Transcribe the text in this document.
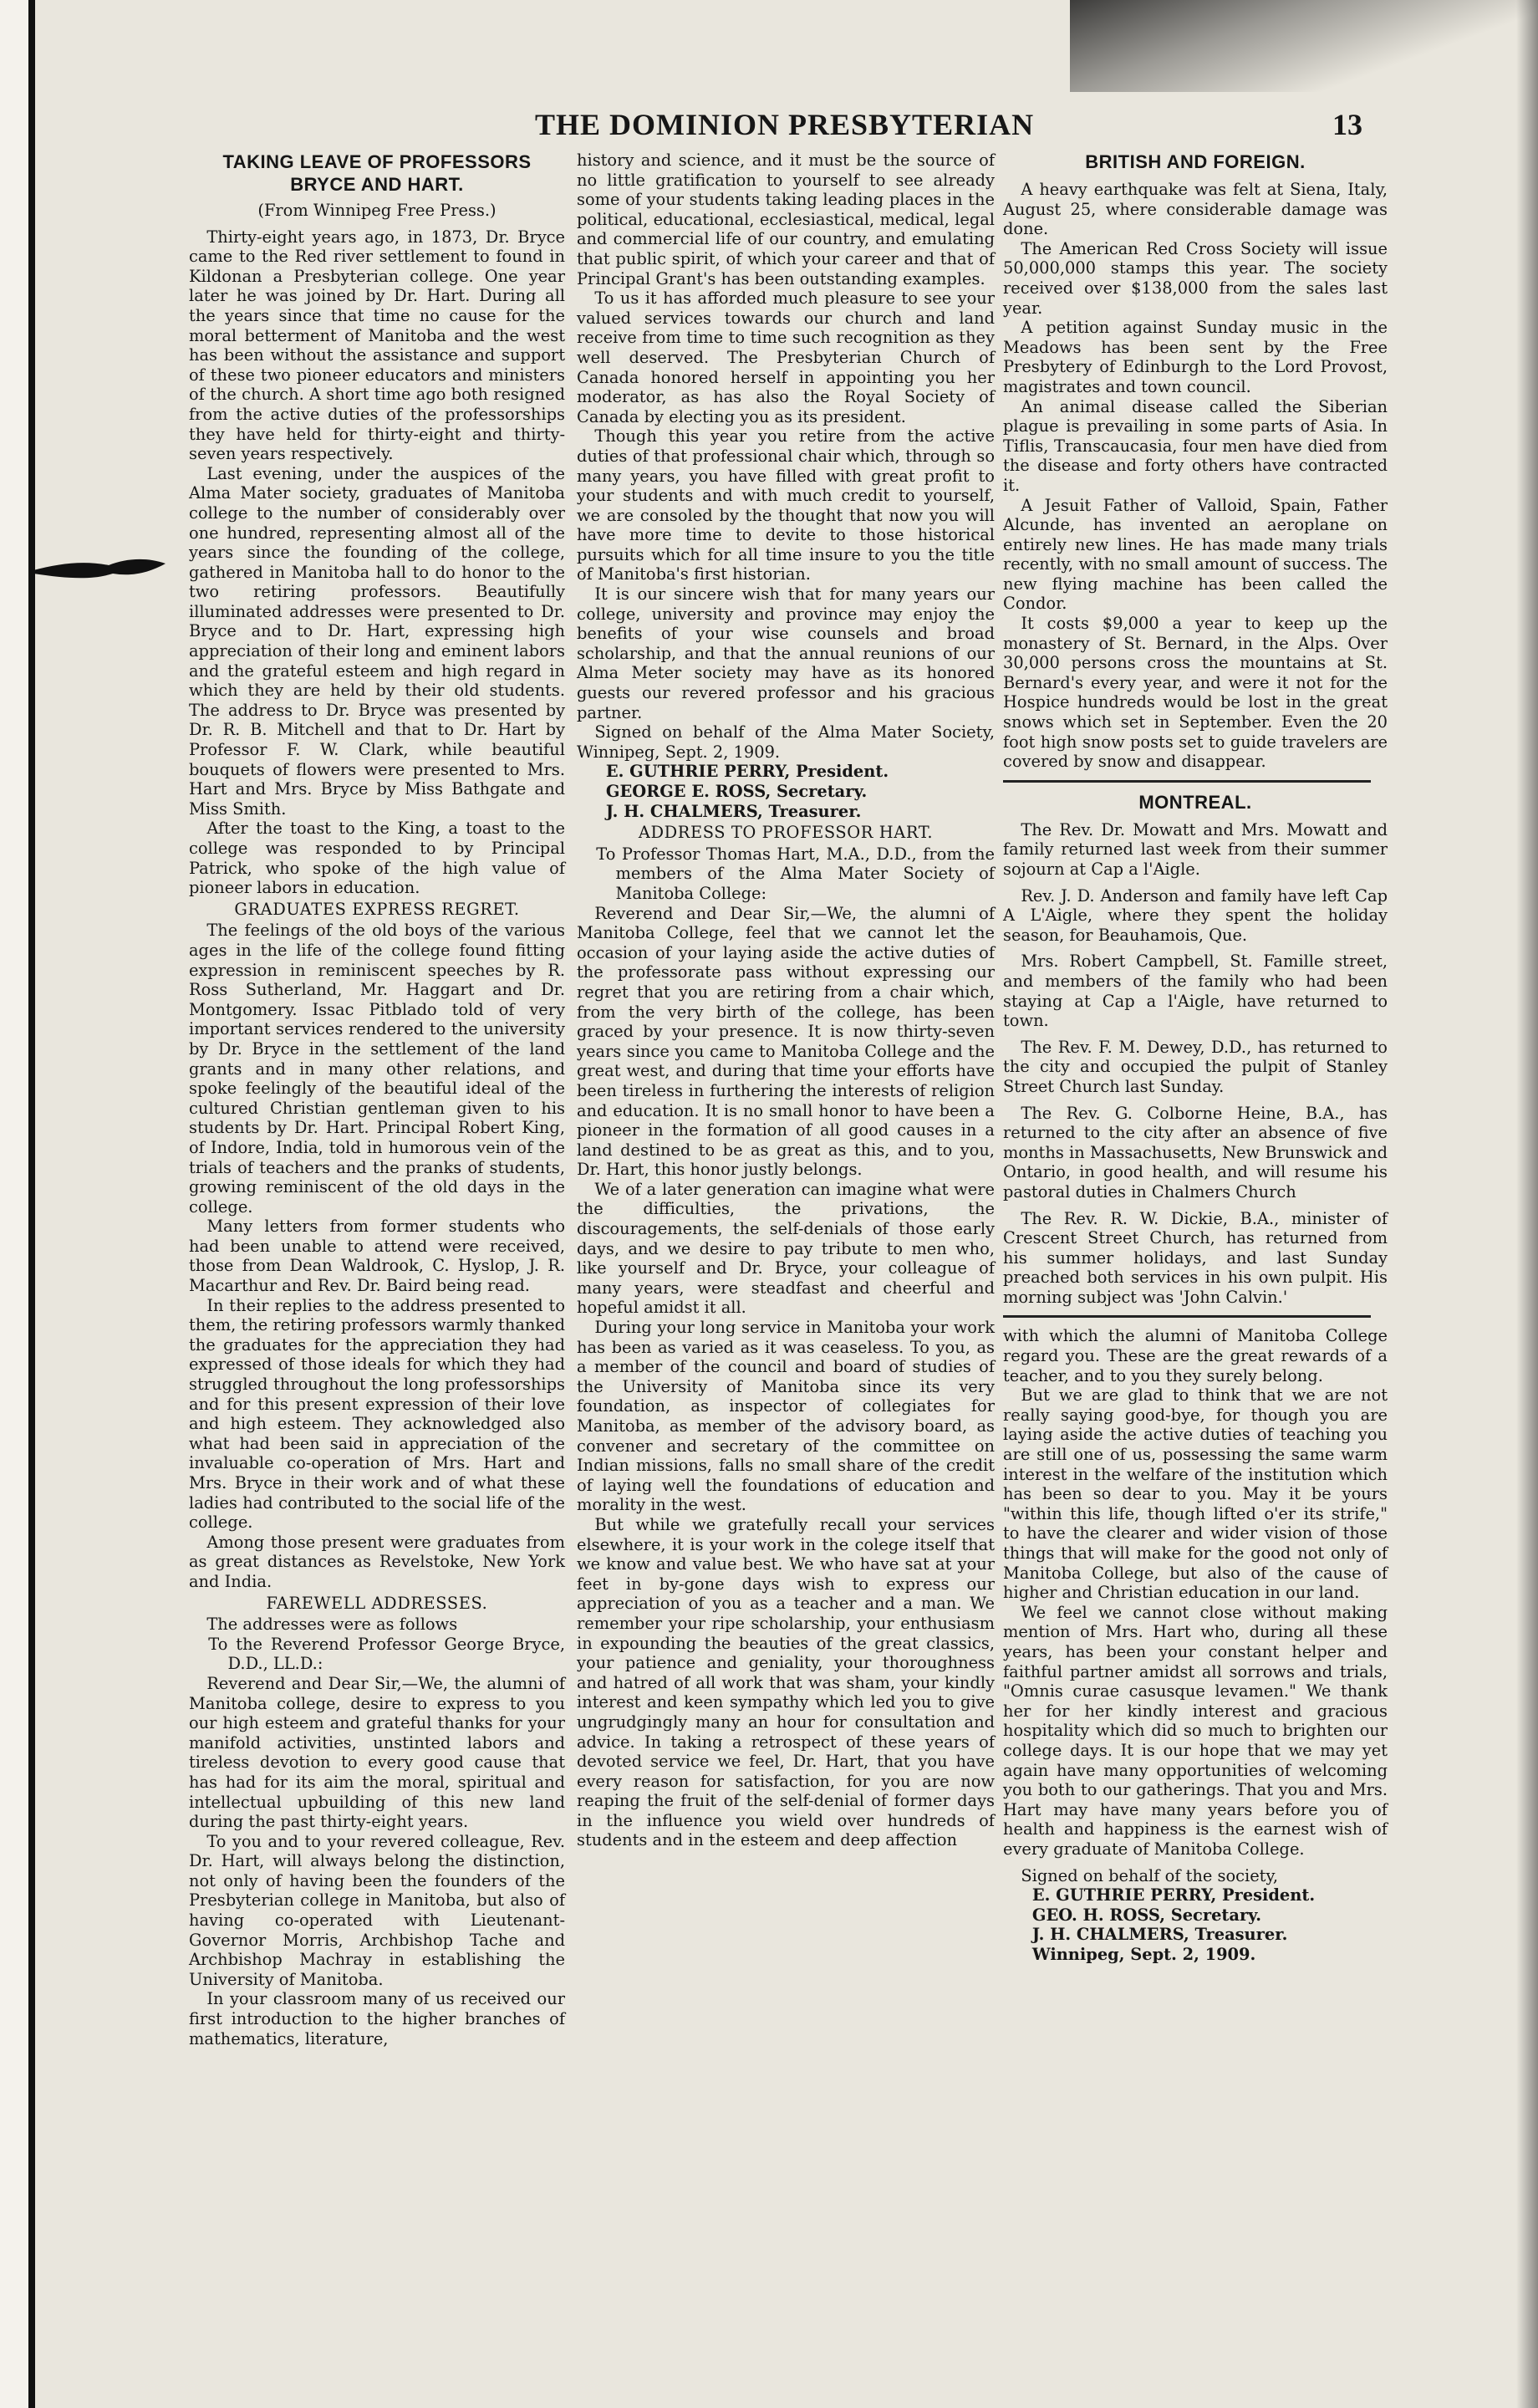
THE DOMINION PRESBYTERIAN	13

TAKING LEAVE OF PROFESSORS BRYCE AND HART.

(From Winnipeg Free Press.)

Thirty-eight years ago, in 1873, Dr. Bryce came to the Red river settlement to found in Kildonan a Presbyterian college. One year later he was joined by Dr. Hart. During all the years since that time no cause for the moral betterment of Manitoba and the west has been without the assistance and support of these two pioneer educators and ministers of the church. A short time ago both resigned from the active duties of the professorships they have held for thirty-eight and thirty-seven years respectively.

Last evening, under the auspices of the Alma Mater society, graduates of Manitoba college to the number of considerably over one hundred, representing almost all of the years since the founding of the college, gathered in Manitoba hall to do honor to the two retiring professors. Beautifully illuminated addresses were presented to Dr. Bryce and to Dr. Hart, expressing high appreciation of their long and eminent labors and the grateful esteem and high regard in which they are held by their old students. The address to Dr. Bryce was presented by Dr. R. B. Mitchell and that to Dr. Hart by Professor F. W. Clark, while beautiful bouquets of flowers were presented to Mrs. Hart and Mrs. Bryce by Miss Bathgate and Miss Smith.

After the toast to the King, a toast to the college was responded to by Principal Patrick, who spoke of the high value of pioneer labors in education.

GRADUATES EXPRESS REGRET.

The feelings of the old boys of the various ages in the life of the college found fitting expression in reminiscent speeches by R. Ross Sutherland, Mr. Haggart and Dr. Montgomery. Issac Pitblado told of very important services rendered to the university by Dr. Bryce in the settlement of the land grants and in many other relations, and spoke feelingly of the beautiful ideal of the cultured Christian gentleman given to his students by Dr. Hart. Principal Robert King, of Indore, India, told in humorous vein of the trials of teachers and the pranks of students, growing reminiscent of the old days in the college.

Many letters from former students who had been unable to attend were received, those from Dean Waldrook, C. Hyslop, J. R. Macarthur and Rev. Dr. Baird being read.

In their replies to the address presented to them, the retiring professors warmly thanked the graduates for the appreciation they had expressed of those ideals for which they had struggled throughout the long professorships and for this present expression of their love and high esteem. They acknowledged also what had been said in appreciation of the invaluable co-operation of Mrs. Hart and Mrs. Bryce in their work and of what these ladies had contributed to the social life of the college.

Among those present were graduates from as great distances as Revelstoke, New York and India.

FAREWELL ADDRESSES.

The addresses were as follows

To the Reverend Professor George Bryce, D.D., LL.D.:

Reverend and Dear Sir,—We, the alumni of Manitoba college, desire to express to you our high esteem and grateful thanks for your manifold activities, unstinted labors and tireless devotion to every good cause that has had for its aim the moral, spiritual and intellectual upbuilding of this new land during the past thirty-eight years.

To you and to your revered colleague, Rev. Dr. Hart, will always belong the distinction, not only of having been the founders of the Presbyterian college in Manitoba, but also of having co-operated with Lieutenant-Governor Morris, Archbishop Tache and Archbishop Machray in establishing the University of Manitoba.

In your classroom many of us received our first introduction to the higher branches of mathematics, literature,

history and science, and it must be the source of no little gratification to yourself to see already some of your students taking leading places in the political, educational, ecclesiastical, medical, legal and commercial life of our country, and emulating that public spirit, of which your career and that of Principal Grant's has been outstanding examples.

To us it has afforded much pleasure to see your valued services towards our church and land receive from time to time such recognition as they well deserved. The Presbyterian Church of Canada honored herself in appointing you her moderator, as has also the Royal Society of Canada by electing you as its president.

Though this year you retire from the active duties of that professional chair which, through so many years, you have filled with great profit to your students and with much credit to yourself, we are consoled by the thought that now you will have more time to devite to those historical pursuits which for all time insure to you the title of Manitoba's first historian.

It is our sincere wish that for many years our college, university and province may enjoy the benefits of your wise counsels and broad scholarship, and that the annual reunions of our Alma Meter society may have as its honored guests our revered professor and his gracious partner.

Signed on behalf of the Alma Mater Society, Winnipeg, Sept. 2, 1909.

E. GUTHRIE PERRY, President.

GEORGE E. ROSS, Secretary.

J. H. CHALMERS, Treasurer.

ADDRESS TO PROFESSOR HART.

To Professor Thomas Hart, M.A., D.D., from the members of the Alma Mater Society of Manitoba College:

Reverend and Dear Sir,—We, the alumni of Manitoba College, feel that we cannot let the occasion of your laying aside the active duties of the professorate pass without expressing our regret that you are retiring from a chair which, from the very birth of the college, has been graced by your presence. It is now thirty-seven years since you came to Manitoba College and the great west, and during that time your efforts have been tireless in furthering the interests of religion and education. It is no small honor to have been a pioneer in the formation of all good causes in a land destined to be as great as this, and to you, Dr. Hart, this honor justly belongs.

We of a later generation can imagine what were the difficulties, the privations, the discouragements, the self-denials of those early days, and we desire to pay tribute to men who, like yourself and Dr. Bryce, your colleague of many years, were steadfast and cheerful and hopeful amidst it all.

During your long service in Manitoba your work has been as varied as it was ceaseless. To you, as a member of the council and board of studies of the University of Manitoba since its very foundation, as inspector of collegiates for Manitoba, as member of the advisory board, as convener and secretary of the committee on Indian missions, falls no small share of the credit of laying well the foundations of education and morality in the west.

But while we gratefully recall your services elsewhere, it is your work in the colege itself that we know and value best. We who have sat at your feet in by-gone days wish to express our appreciation of you as a teacher and a man. We remember your ripe scholarship, your enthusiasm in expounding the beauties of the great classics, your patience and geniality, your thoroughness and hatred of all work that was sham, your kindly interest and keen sympathy which led you to give ungrudgingly many an hour for consultation and advice. In taking a retrospect of these years of devoted service we feel, Dr. Hart, that you have every reason for satisfaction, for you are now reaping the fruit of the self-denial of former days in the influence you wield over hundreds of students and in the esteem and deep affection

BRITISH AND FOREIGN.

A heavy earthquake was felt at Siena, Italy, August 25, where considerable damage was done.

The American Red Cross Society will issue 50,000,000 stamps this year. The society received over $138,000 from the sales last year.

A petition against Sunday music in the Meadows has been sent by the Free Presbytery of Edinburgh to the Lord Provost, magistrates and town council.

An animal disease called the Siberian plague is prevailing in some parts of Asia. In Tiflis, Transcaucasia, four men have died from the disease and forty others have contracted it.

A Jesuit Father of Valloid, Spain, Father Alcunde, has invented an aeroplane on entirely new lines. He has made many trials recently, with no small amount of success. The new flying machine has been called the Condor.

It costs $9,000 a year to keep up the monastery of St. Bernard, in the Alps. Over 30,000 persons cross the mountains at St. Bernard's every year, and were it not for the Hospice hundreds would be lost in the great snows which set in September. Even the 20 foot high snow posts set to guide travelers are covered by snow and disappear.

MONTREAL.

The Rev. Dr. Mowatt and Mrs. Mowatt and family returned last week from their summer sojourn at Cap a l'Aigle.

Rev. J. D. Anderson and family have left Cap A L'Aigle, where they spent the holiday season, for Beauhamois, Que.

Mrs. Robert Campbell, St. Famille street, and members of the family who had been staying at Cap a l'Aigle, have returned to town.

The Rev. F. M. Dewey, D.D., has returned to the city and occupied the pulpit of Stanley Street Church last Sunday.

The Rev. G. Colborne Heine, B.A., has returned to the city after an absence of five months in Massachusetts, New Brunswick and Ontario, in good health, and will resume his pastoral duties in Chalmers Church

The Rev. R. W. Dickie, B.A., minister of Crescent Street Church, has returned from his summer holidays, and last Sunday preached both services in his own pulpit. His morning subject was 'John Calvin.'

with which the alumni of Manitoba College regard you. These are the great rewards of a teacher, and to you they surely belong.

But we are glad to think that we are not really saying good-bye, for though you are laying aside the active duties of teaching you are still one of us, possessing the same warm interest in the welfare of the institution which has been so dear to you. May it be yours "within this life, though lifted o'er its strife," to have the clearer and wider vision of those things that will make for the good not only of Manitoba College, but also of the cause of higher and Christian education in our land.

We feel we cannot close without making mention of Mrs. Hart who, during all these years, has been your constant helper and faithful partner amidst all sorrows and trials, "Omnis curae casusque levamen." We thank her for her kindly interest and gracious hospitality which did so much to brighten our college days. It is our hope that we may yet again have many opportunities of welcoming you both to our gatherings. That you and Mrs. Hart may have many years before you of health and happiness is the earnest wish of every graduate of Manitoba College.

Signed on behalf of the society,

E. GUTHRIE PERRY, President.

GEO. H. ROSS, Secretary.

J. H. CHALMERS, Treasurer.

Winnipeg, Sept. 2, 1909.
